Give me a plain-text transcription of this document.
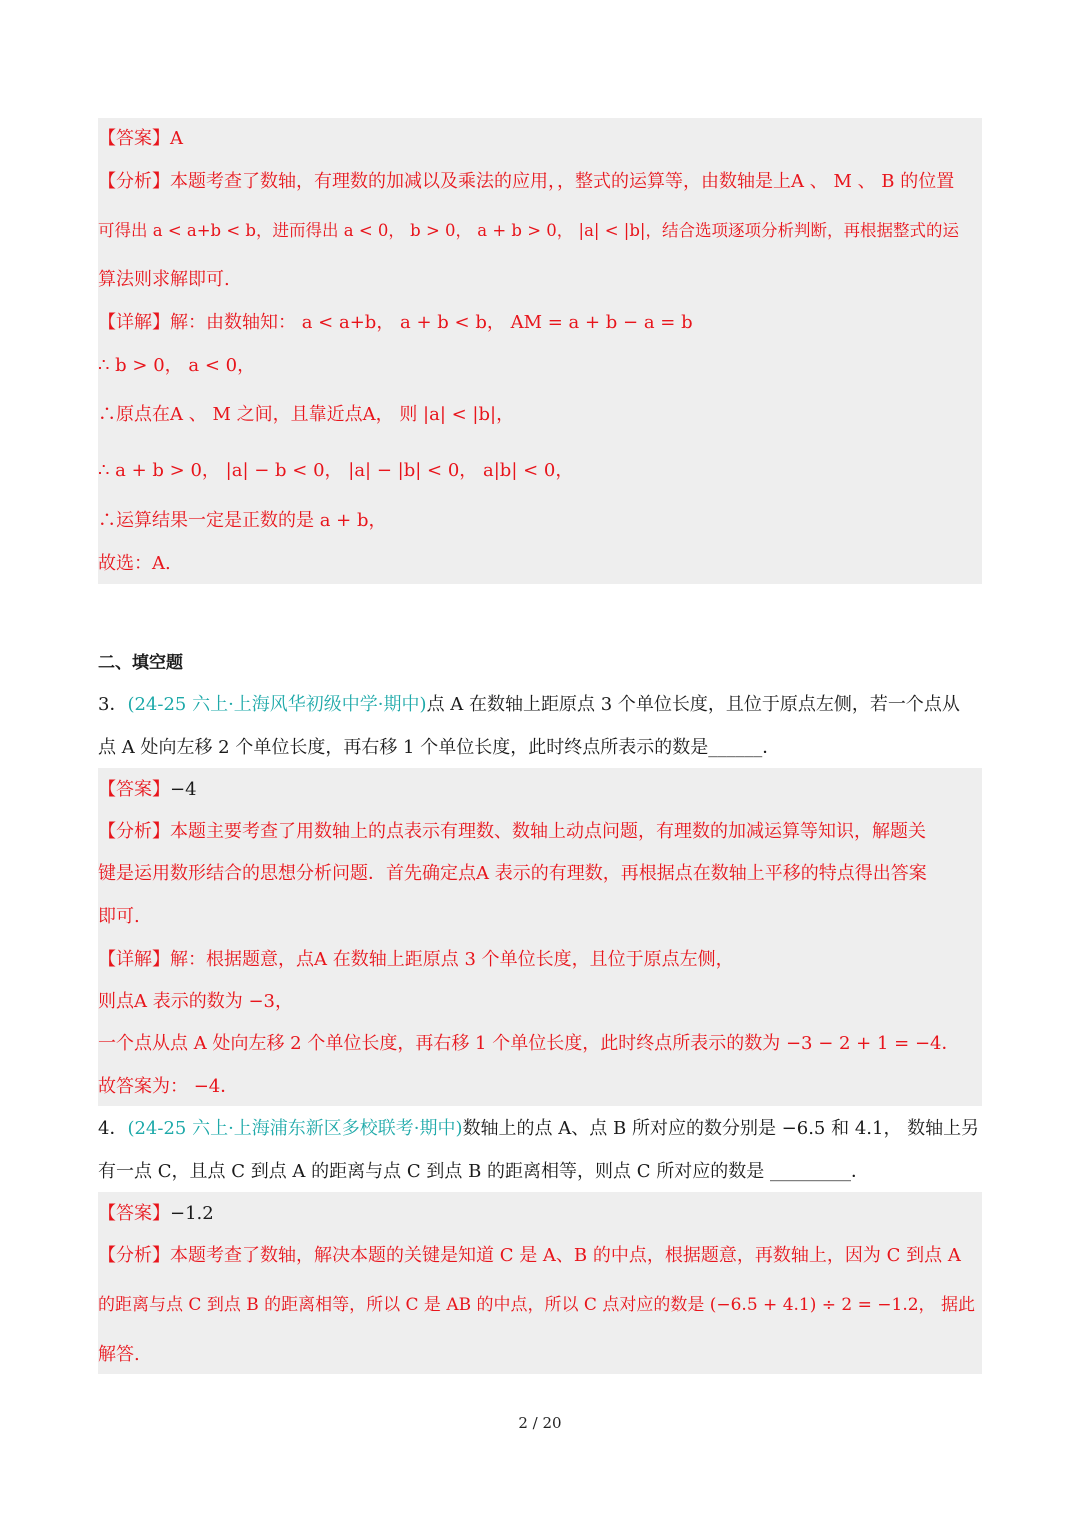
【答案】A
【分析】本题考查了数轴，有理数的加减以及乘法的应用，，整式的运算等，由数轴是上A 、 M 、 B 的位置
可得出 a < a+b < b，进而得出 a < 0， b > 0， a + b > 0， |a| < |b|，结合选项逐项分析判断，再根据整式的运
算法则求解即可.
【详解】解：由数轴知： a < a+b， a + b < b， AM = a + b − a = b
∴ b > 0， a < 0，
∴原点在A 、 M 之间，且靠近点A， 则 |a| < |b|，
∴ a + b > 0， |a| − b < 0， |a| − |b| < 0， a|b| < 0，
∴运算结果一定是正数的是 a + b，
故选：A.
二、填空题
3．(24-25 六上·上海风华初级中学·期中)点 A 在数轴上距原点 3 个单位长度，且位于原点左侧，若一个点从
点 A 处向左移 2 个单位长度，再右移 1 个单位长度，此时终点所表示的数是______．
【答案】−4
【分析】本题主要考查了用数轴上的点表示有理数、数轴上动点问题，有理数的加减运算等知识，解题关
键是运用数形结合的思想分析问题．首先确定点A 表示的有理数，再根据点在数轴上平移的特点得出答案
即可.
【详解】解：根据题意，点A 在数轴上距原点 3 个单位长度，且位于原点左侧，
则点A 表示的数为 −3，
一个点从点 A 处向左移 2 个单位长度，再右移 1 个单位长度，此时终点所表示的数为 −3 − 2 + 1 = −4．
故答案为： −4．
4．(24-25 六上·上海浦东新区多校联考·期中)数轴上的点 A、点 B 所对应的数分别是 −6.5 和 4.1， 数轴上另
有一点 C，且点 C 到点 A 的距离与点 C 到点 B 的距离相等，则点 C 所对应的数是 _________．
【答案】−1.2
【分析】本题考查了数轴，解决本题的关键是知道 C 是 A、B 的中点，根据题意，再数轴上，因为 C 到点 A
的距离与点 C 到点 B 的距离相等，所以 C 是 AB 的中点，所以 C 点对应的数是 (−6.5 + 4.1) ÷ 2 = −1.2， 据此
解答.
2 / 20
